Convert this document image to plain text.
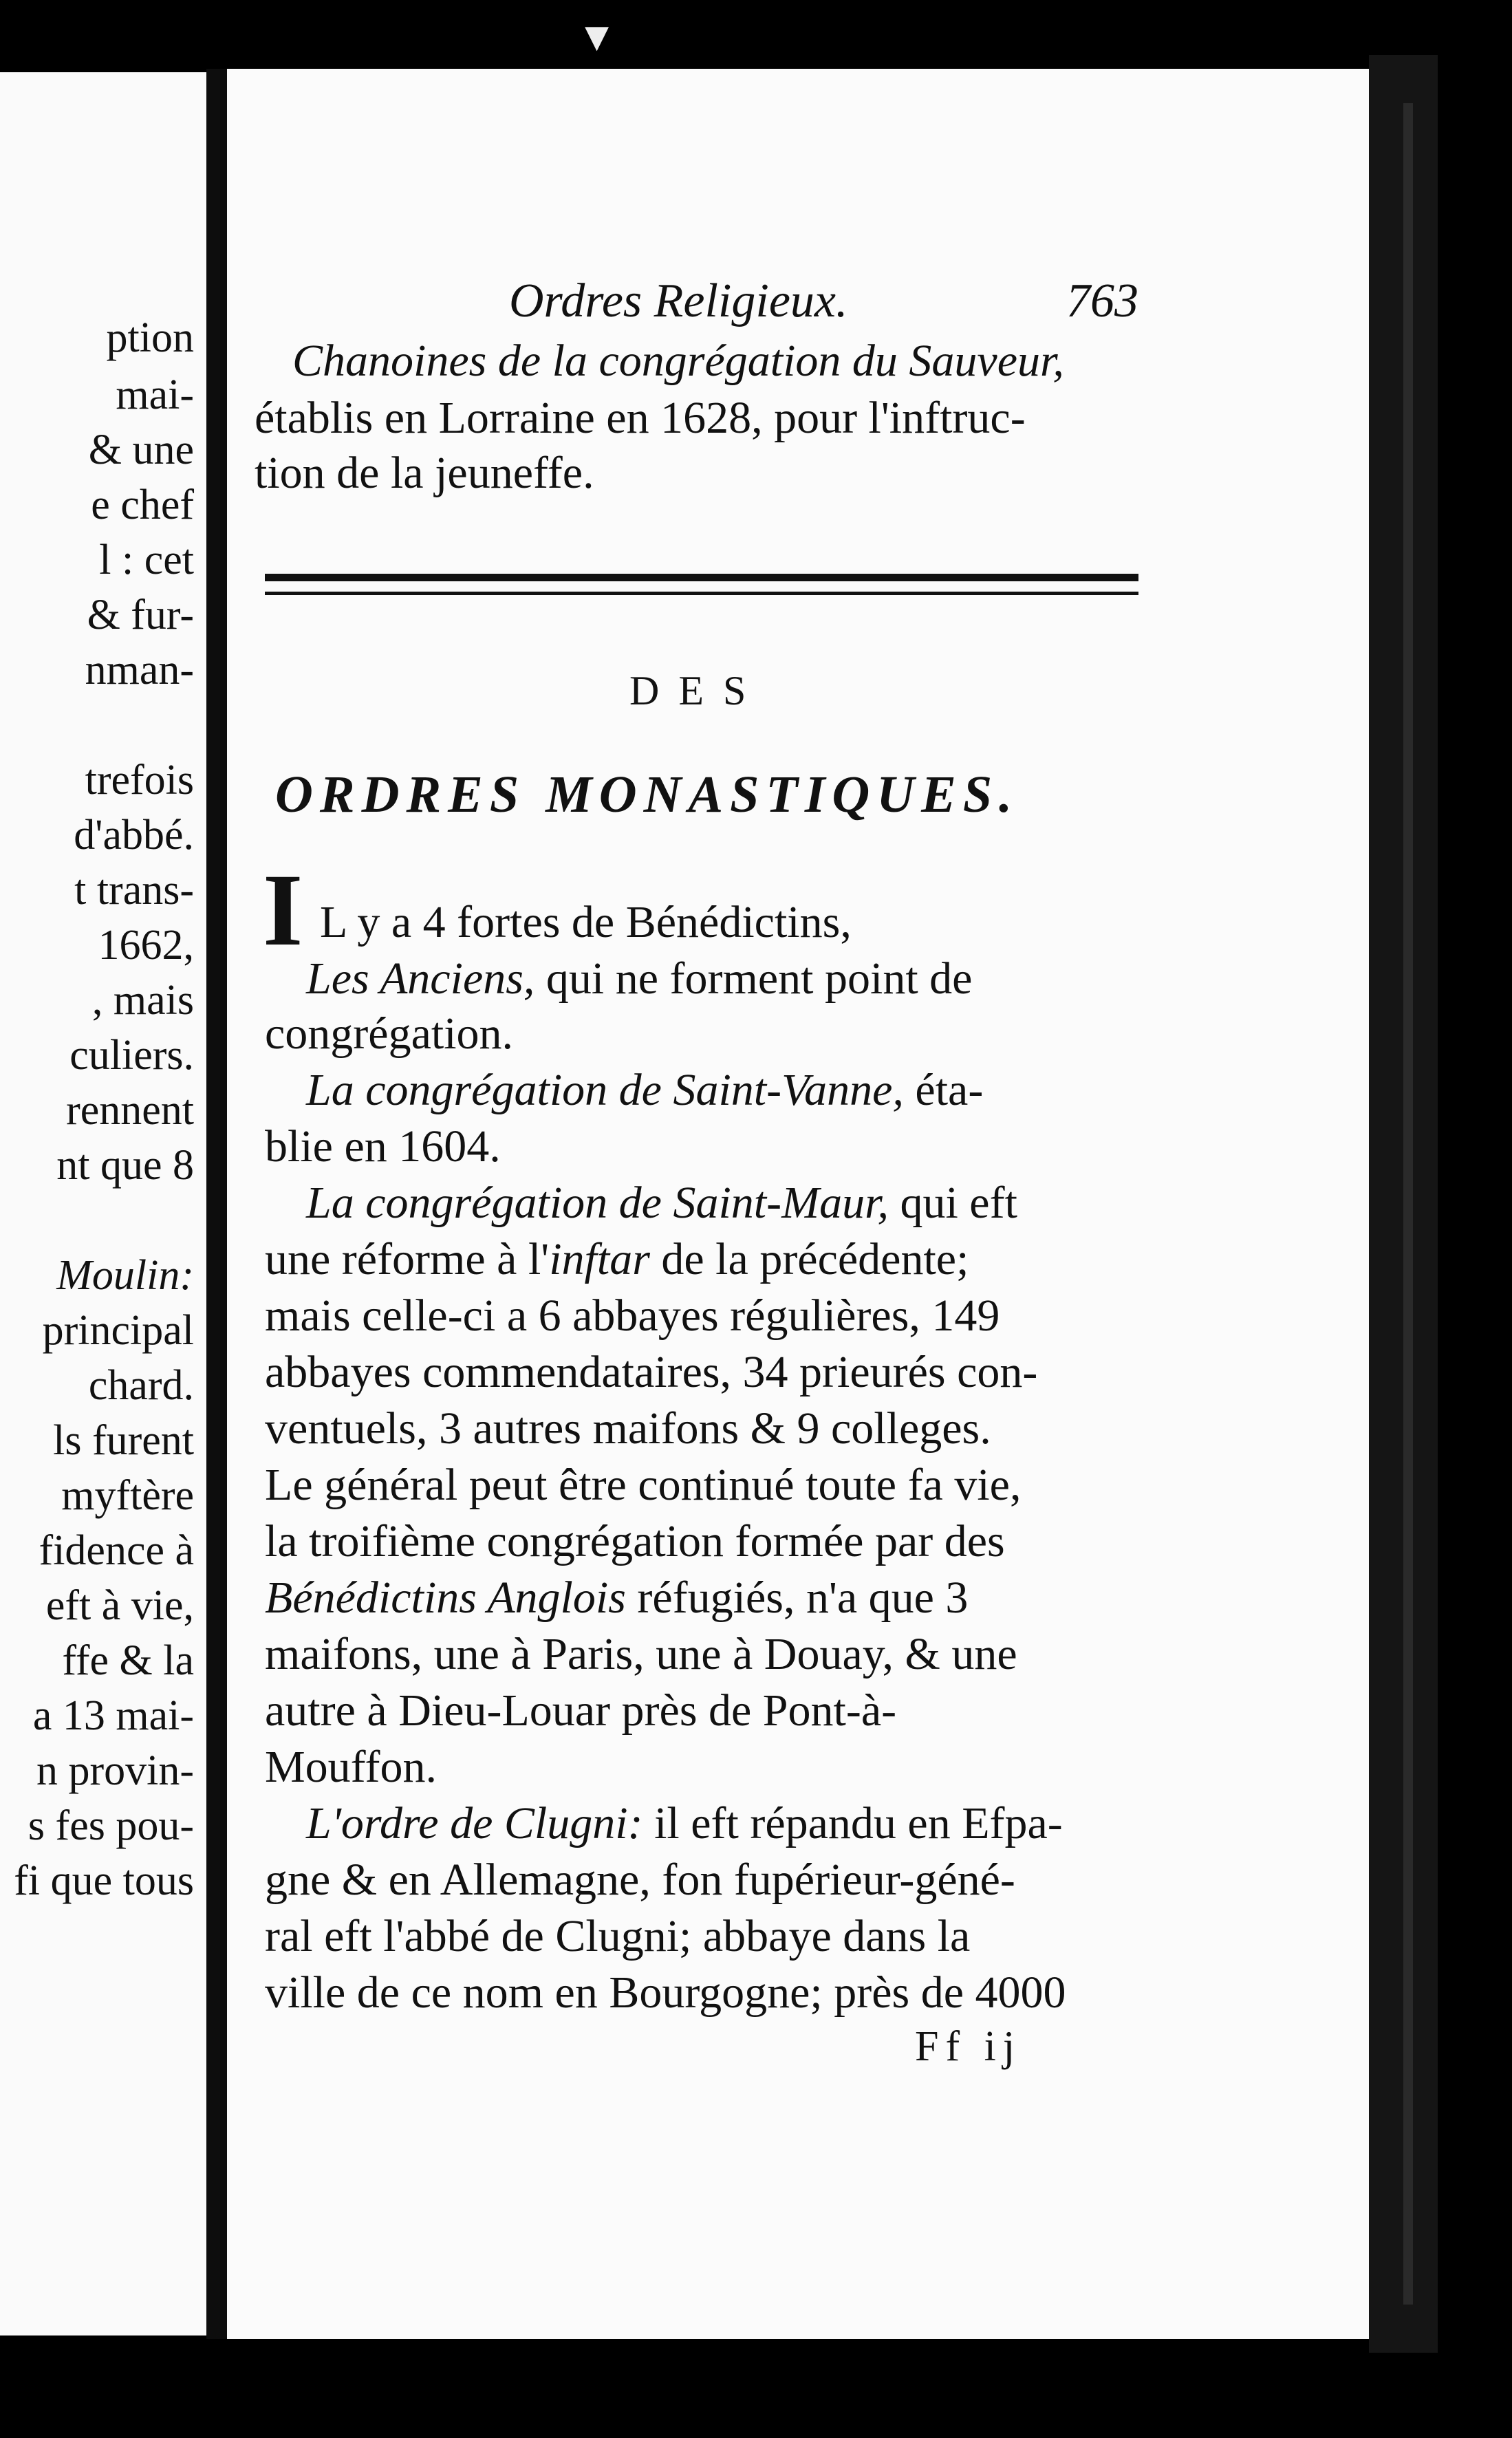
▾
ption
mai-
& une
e chef
l : cet
& fur-
nman-
trefois
d'abbé.
t trans-
1662,
, mais
culiers.
rennent
nt que 8
Moulin:
principal
chard.
ls furent
myftère
fidence à
eft à vie,
ffe & la
a 13 mai-
n provin-
s fes pou-
fi que tous
Ordres Religieux.	763
Chanoines de la congrégation du Sauveur,
établis en Lorraine en 1628, pour l'inftruc-
tion de la jeuneffe.
DES
ORDRES MONASTIQUES.
I L y a 4 fortes de Bénédictins,
Les Anciens, qui ne forment point de
congrégation.
La congrégation de Saint-Vanne, éta-
blie en 1604.
La congrégation de Saint-Maur, qui eft
une réforme à l'inftar de la précédente;
mais celle-ci a 6 abbayes régulières, 149
abbayes commendataires, 34 prieurés con-
ventuels, 3 autres maifons & 9 colleges.
Le général peut être continué toute fa vie,
la troifième congrégation formée par des
Bénédictins Anglois réfugiés, n'a que 3
maifons, une à Paris, une à Douay, & une
autre à Dieu-Louar près de Pont-à-
Mouffon.
L'ordre de Clugni: il eft répandu en Efpa-
gne & en Allemagne, fon fupérieur-géné-
ral eft l'abbé de Clugni; abbaye dans la
ville de ce nom en Bourgogne; près de 4000
Ff ij
